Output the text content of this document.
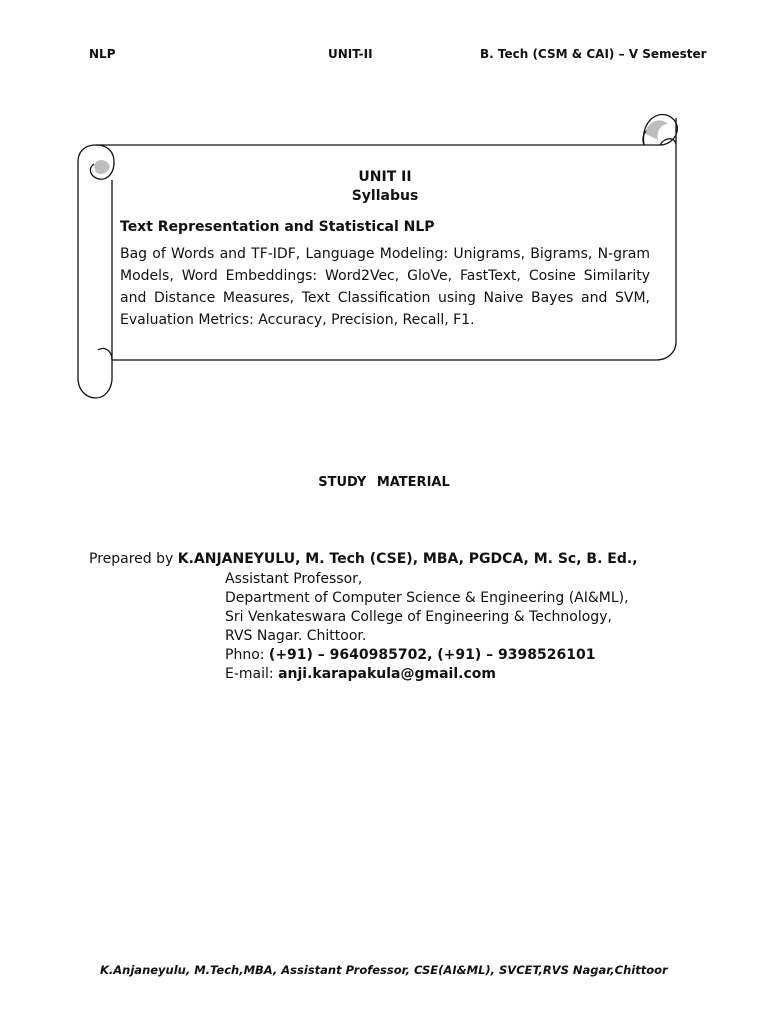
NLP	UNIT-II	B. Tech (CSM & CAI) – V Semester
UNIT II
Syllabus
Text Representation and Statistical NLP
Bag of Words and TF-IDF, Language Modeling: Unigrams, Bigrams, N-gram Models, Word Embeddings: Word2Vec, GloVe, FastText, Cosine Similarity and Distance Measures, Text Classification using Naive Bayes and SVM, Evaluation Metrics: Accuracy, Precision, Recall, F1.
STUDY MATERIAL
Prepared by K.ANJANEYULU, M. Tech (CSE), MBA, PGDCA, M. Sc, B. Ed.,
Assistant Professor,
Department of Computer Science & Engineering (AI&ML),
Sri Venkateswara College of Engineering & Technology,
RVS Nagar. Chittoor.
Phno: (+91) – 9640985702, (+91) – 9398526101
E-mail: anji.karapakula@gmail.com
K.Anjaneyulu, M.Tech,MBA, Assistant Professor, CSE(AI&ML), SVCET,RVS Nagar,Chittoor
